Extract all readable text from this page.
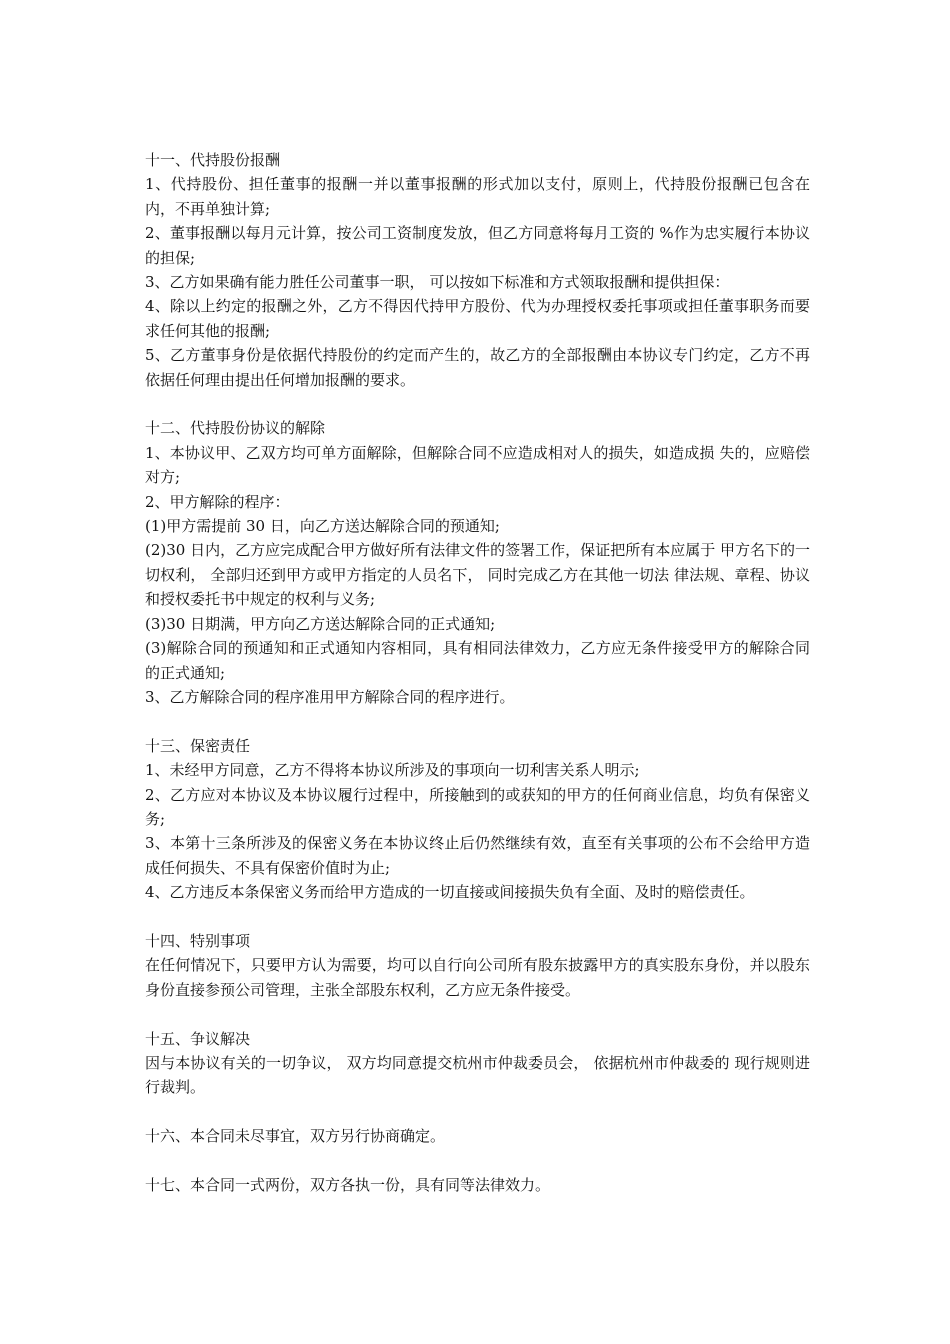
十一、代持股份报酬
1、代持股份、担任董事的报酬一并以董事报酬的形式加以支付，原则上，代持股份报酬已包含在内，不再单独计算;
2、董事报酬以每月元计算，按公司工资制度发放，但乙方同意将每月工资的 %作为忠实履行本协议的担保;
3、乙方如果确有能力胜任公司董事一职， 可以按如下标准和方式领取报酬和提供担保：
4、除以上约定的报酬之外，乙方不得因代持甲方股份、代为办理授权委托事项或担任董事职务而要求任何其他的报酬;
5、乙方董事身份是依据代持股份的约定而产生的，故乙方的全部报酬由本协议专门约定，乙方不再依据任何理由提出任何增加报酬的要求。
十二、代持股份协议的解除
1、本协议甲、乙双方均可单方面解除，但解除合同不应造成相对人的损失，如造成损 失的，应赔偿对方;
2、甲方解除的程序：
(1)甲方需提前 30 日，向乙方送达解除合同的预通知;
(2)30 日内，乙方应完成配合甲方做好所有法律文件的签署工作，保证把所有本应属于 甲方名下的一切权利， 全部归还到甲方或甲方指定的人员名下， 同时完成乙方在其他一切法 律法规、章程、协议和授权委托书中规定的权利与义务;
(3)30 日期满，甲方向乙方送达解除合同的正式通知;
(3)解除合同的预通知和正式通知内容相同，具有相同法律效力，乙方应无条件接受甲方的解除合同的正式通知;
3、乙方解除合同的程序准用甲方解除合同的程序进行。
十三、保密责任
1、未经甲方同意，乙方不得将本协议所涉及的事项向一切利害关系人明示;
2、乙方应对本协议及本协议履行过程中，所接触到的或获知的甲方的任何商业信息，均负有保密义务;
3、本第十三条所涉及的保密义务在本协议终止后仍然继续有效，直至有关事项的公布不会给甲方造成任何损失、不具有保密价值时为止;
4、乙方违反本条保密义务而给甲方造成的一切直接或间接损失负有全面、及时的赔偿责任。
十四、特别事项
在任何情况下，只要甲方认为需要，均可以自行向公司所有股东披露甲方的真实股东身份，并以股东身份直接参预公司管理，主张全部股东权利，乙方应无条件接受。
十五、争议解决
因与本协议有关的一切争议， 双方均同意提交杭州市仲裁委员会， 依据杭州市仲裁委的 现行规则进行裁判。
十六、本合同未尽事宜，双方另行协商确定。
十七、本合同一式两份，双方各执一份，具有同等法律效力。
